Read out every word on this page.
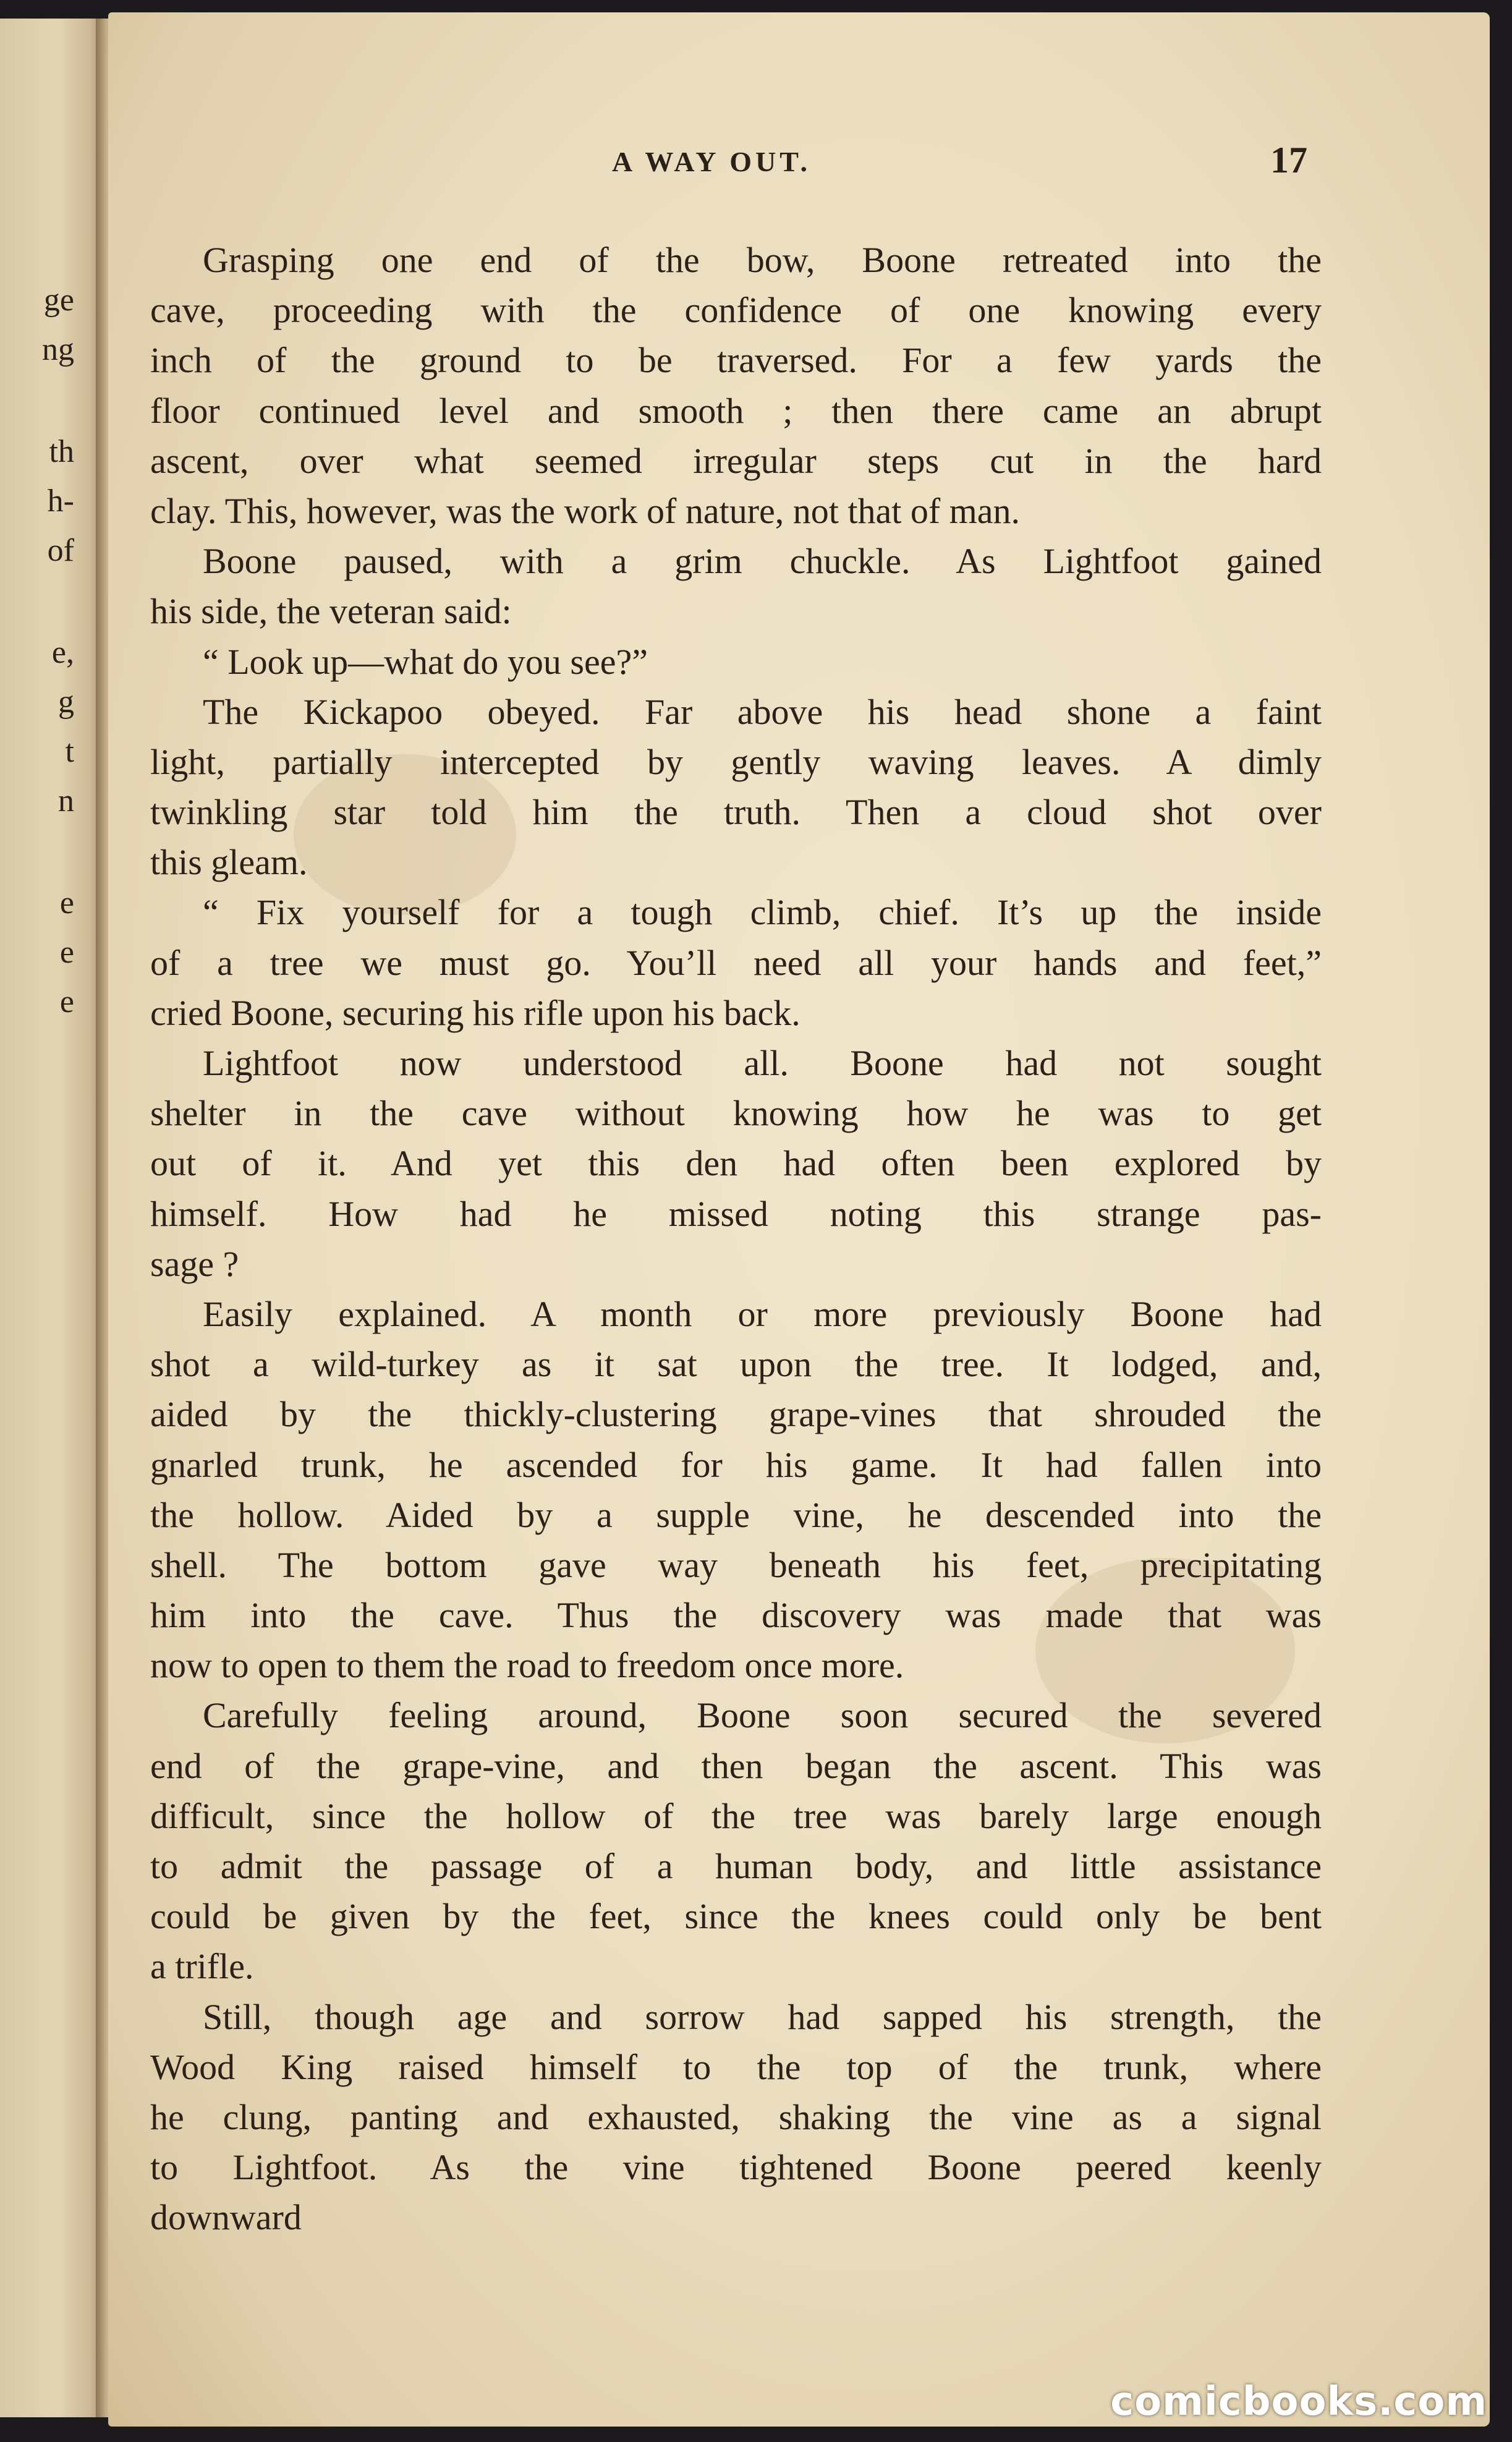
ge
ng
th
h-
of
e,
g
t
n
e
e
e
A WAY OUT.	17
Grasping one end of the bow, Boone retreated into the
cave, proceeding with the confidence of one knowing every
inch of the ground to be traversed. For a few yards the
floor continued level and smooth ; then there came an abrupt
ascent, over what seemed irregular steps cut in the hard
clay. This, however, was the work of nature, not that of man.
Boone paused, with a grim chuckle. As Lightfoot gained
his side, the veteran said:
“ Look up—what do you see?”
The Kickapoo obeyed. Far above his head shone a faint
light, partially intercepted by gently waving leaves. A dimly
twinkling star told him the truth. Then a cloud shot over
this gleam.
“ Fix yourself for a tough climb, chief. It’s up the inside
of a tree we must go. You’ll need all your hands and feet,”
cried Boone, securing his rifle upon his back.
Lightfoot now understood all. Boone had not sought
shelter in the cave without knowing how he was to get
out of it. And yet this den had often been explored by
himself. How had he missed noting this strange pas-
sage ?
Easily explained. A month or more previously Boone had
shot a wild-turkey as it sat upon the tree. It lodged, and,
aided by the thickly-clustering grape-vines that shrouded the
gnarled trunk, he ascended for his game. It had fallen into
the hollow. Aided by a supple vine, he descended into the
shell. The bottom gave way beneath his feet, precipitating
him into the cave. Thus the discovery was made that was
now to open to them the road to freedom once more.
Carefully feeling around, Boone soon secured the severed
end of the grape-vine, and then began the ascent. This was
difficult, since the hollow of the tree was barely large enough
to admit the passage of a human body, and little assistance
could be given by the feet, since the knees could only be bent
a trifle.
Still, though age and sorrow had sapped his strength, the
Wood King raised himself to the top of the trunk, where
he clung, panting and exhausted, shaking the vine as a signal
to Lightfoot. As the vine tightened Boone peered keenly
downward
comicbooks.com
